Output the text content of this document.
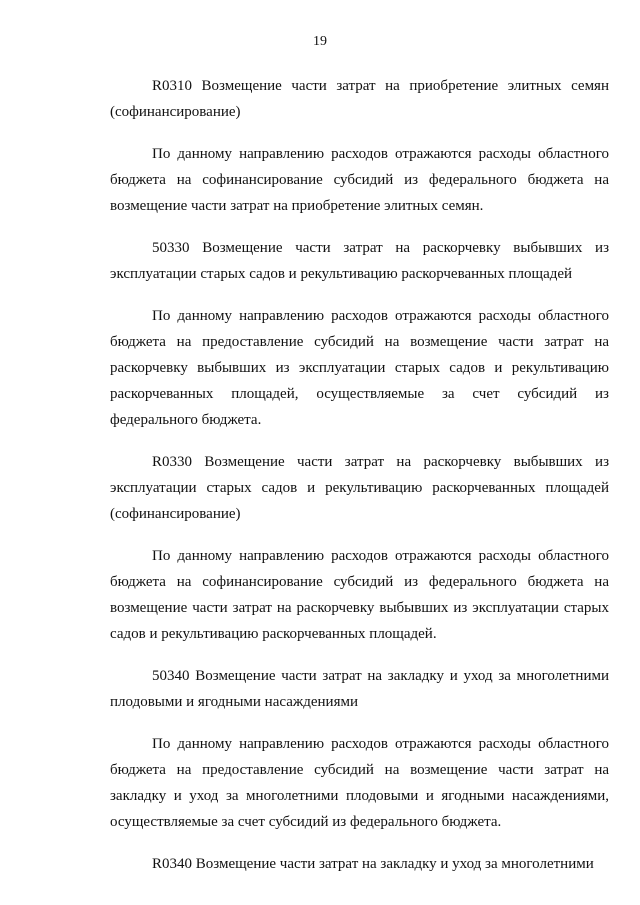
19

R0310 Возмещение части затрат на приобретение элитных семян (софинансирование)

По данному направлению расходов отражаются расходы областного бюджета на софинансирование субсидий из федерального бюджета на возмещение части затрат на приобретение элитных семян.

50330 Возмещение части затрат на раскорчевку выбывших из эксплуатации старых садов и рекультивацию раскорчеванных площадей

По данному направлению расходов отражаются расходы областного бюджета на предоставление субсидий на возмещение части затрат на раскорчевку выбывших из эксплуатации старых садов и рекультивацию раскорчеванных площадей, осуществляемые за счет субсидий из федерального бюджета.

R0330 Возмещение части затрат на раскорчевку выбывших из эксплуатации старых садов и рекультивацию раскорчеванных площадей (софинансирование)

По данному направлению расходов отражаются расходы областного бюджета на софинансирование субсидий из федерального бюджета на возмещение части затрат на раскорчевку выбывших из эксплуатации старых садов и рекультивацию раскорчеванных площадей.

50340 Возмещение части затрат на закладку и уход за многолетними плодовыми и ягодными насаждениями

По данному направлению расходов отражаются расходы областного бюджета на предоставление субсидий на возмещение части затрат на закладку и уход за многолетними плодовыми и ягодными насаждениями, осуществляемые за счет субсидий из федерального бюджета.

R0340 Возмещение части затрат на закладку и уход за многолетними
